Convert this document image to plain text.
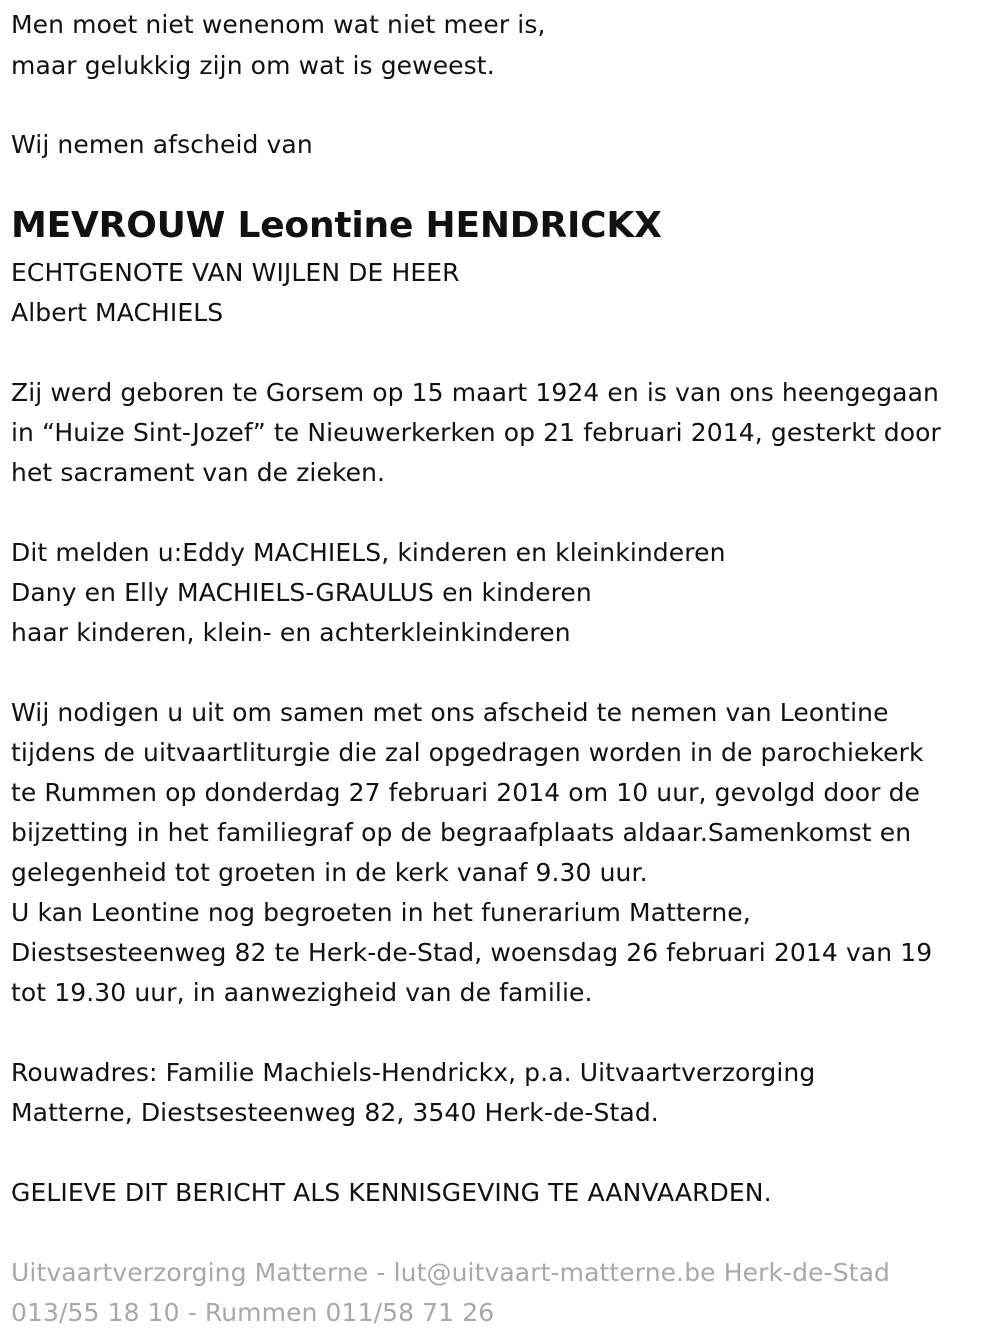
Men moet niet wenenom wat niet meer is,
maar gelukkig zijn om wat is geweest.
Wij nemen afscheid van
MEVROUW Leontine HENDRICKX
ECHTGENOTE VAN WIJLEN DE HEER
Albert MACHIELS
Zij werd geboren te Gorsem op 15 maart 1924 en is van ons heengegaan
in “Huize Sint-Jozef” te Nieuwerkerken op 21 februari 2014, gesterkt door
het sacrament van de zieken.
Dit melden u:Eddy MACHIELS, kinderen en kleinkinderen
Dany en Elly MACHIELS-GRAULUS en kinderen
haar kinderen, klein- en achterkleinkinderen
Wij nodigen u uit om samen met ons afscheid te nemen van Leontine
tijdens de uitvaartliturgie die zal opgedragen worden in de parochiekerk
te Rummen op donderdag 27 februari 2014 om 10 uur, gevolgd door de
bijzetting in het familiegraf op de begraafplaats aldaar.Samenkomst en
gelegenheid tot groeten in de kerk vanaf 9.30 uur.
U kan Leontine nog begroeten in het funerarium Matterne,
Diestsesteenweg 82 te Herk-de-Stad, woensdag 26 februari 2014 van 19
tot 19.30 uur, in aanwezigheid van de familie.
Rouwadres: Familie Machiels-Hendrickx, p.a. Uitvaartverzorging
Matterne, Diestsesteenweg 82, 3540 Herk-de-Stad.
GELIEVE DIT BERICHT ALS KENNISGEVING TE AANVAARDEN.
Uitvaartverzorging Matterne - lut@uitvaart-matterne.be Herk-de-Stad
013/55 18 10 - Rummen 011/58 71 26
